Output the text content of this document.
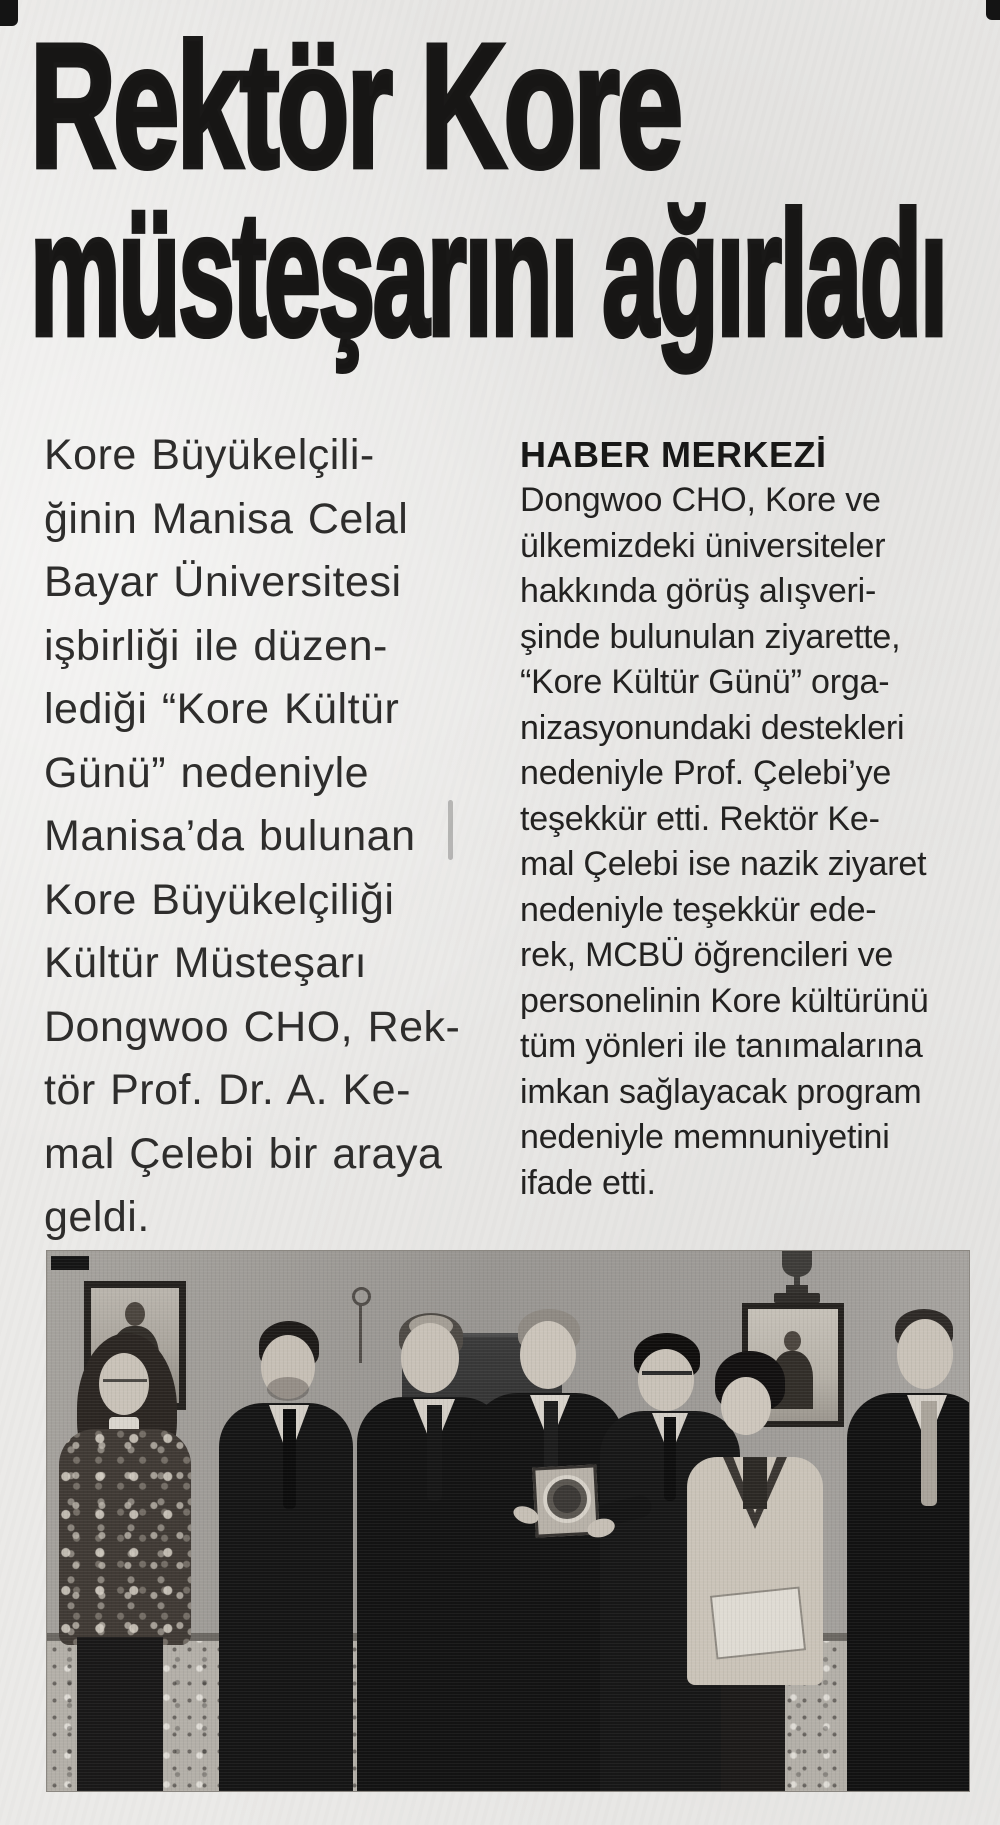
Rektör Kore
müsteşarını ağırladı
Kore Büyükelçili-
ğinin Manisa Celal
Bayar Üniversitesi
işbirliği ile düzen-
lediği “Kore Kültür
Günü” nedeniyle
Manisa’da bulunan
Kore Büyükelçiliği
Kültür Müsteşarı
Dongwoo CHO, Rek-
tör Prof. Dr. A. Ke-
mal Çelebi bir araya
geldi.
HABER MERKEZİ
Dongwoo CHO, Kore ve
ülkemizdeki üniversiteler
hakkında görüş alışveri-
şinde bulunulan ziyarette,
“Kore Kültür Günü” orga-
nizasyonundaki destekleri
nedeniyle Prof. Çelebi’ye
teşekkür etti. Rektör Ke-
mal Çelebi ise nazik ziyaret
nedeniyle teşekkür ede-
rek, MCBÜ öğrencileri ve
personelinin Kore kültürünü
tüm yönleri ile tanımalarına
imkan sağlayacak program
nedeniyle memnuniyetini
ifade etti.
